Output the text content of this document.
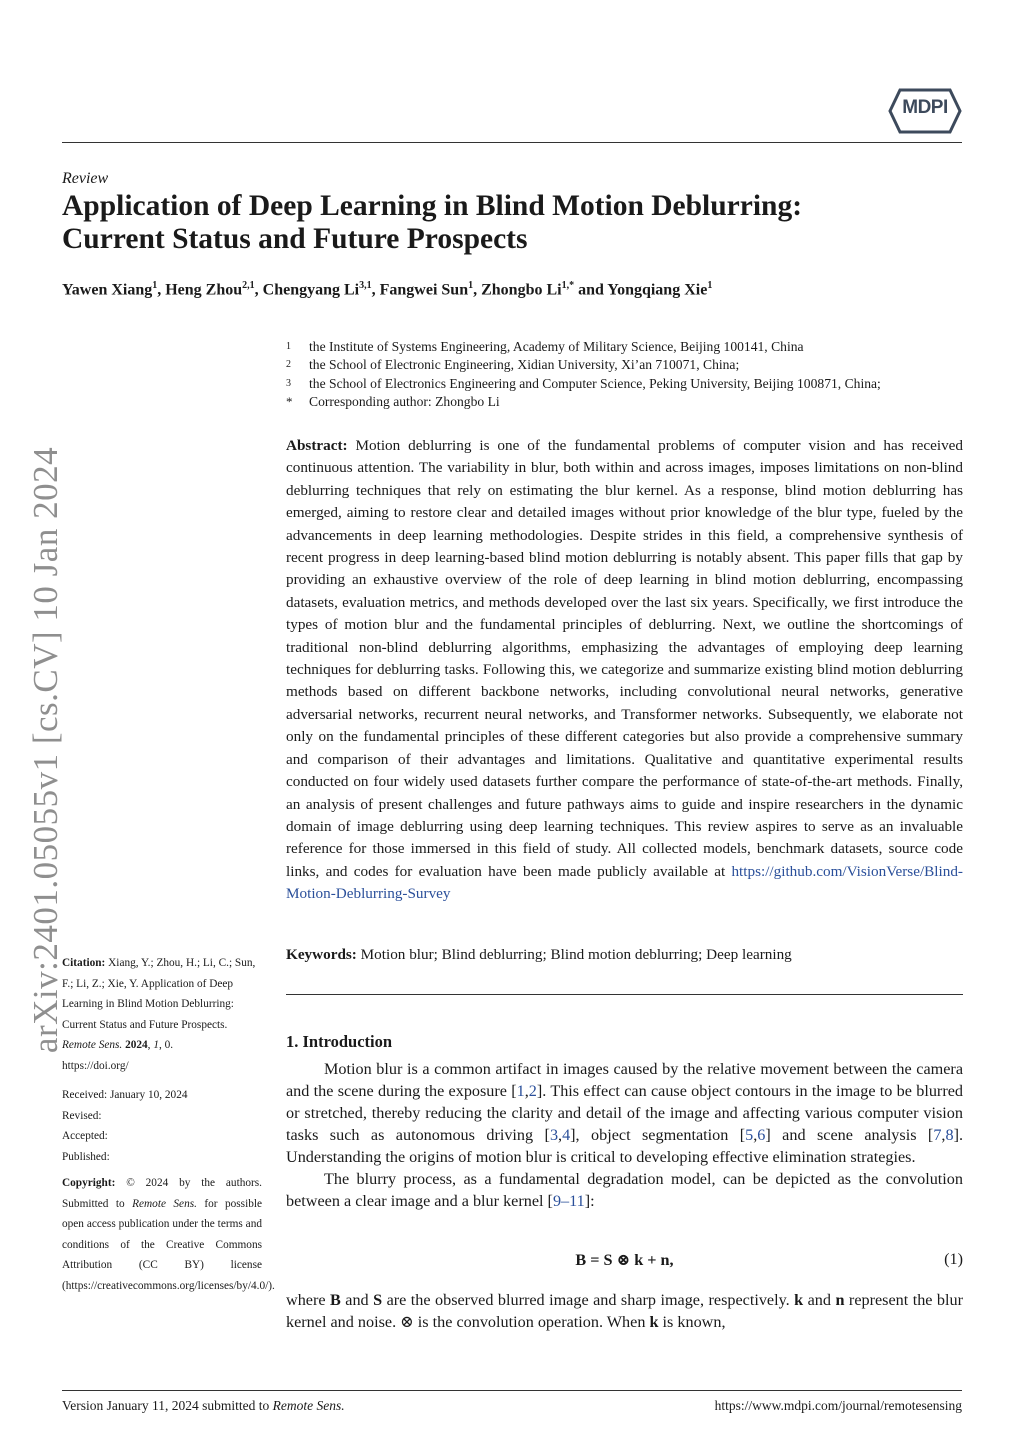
MDPI
arXiv:2401.05055v1 [cs.CV] 10 Jan 2024
Review
Application of Deep Learning in Blind Motion Deblurring:
Current Status and Future Prospects
Yawen Xiang$^1$, Heng Zhou$^{2,1}$, Chengyang Li$^{3,1}$, Fangwei Sun$^1$, Zhongbo $Li^{1,*}$ and Yongqiang Xie$^1$
1	the Institute of Systems Engineering, Academy of Military Science, Beijing 100141, China
2	the School of Electronic Engineering, Xidian University, Xi’an 710071, China;
3	the School of Electronics Engineering and Computer Science, Peking University, Beijing 100871, China;
*	Corresponding author: Zhongbo Li
Abstract: Motion deblurring is one of the fundamental problems of computer vision and has received continuous attention. The variability in blur, both within and across images, imposes limitations on non-blind deblurring techniques that rely on estimating the blur kernel. As a response, blind motion deblurring has emerged, aiming to restore clear and detailed images without prior knowledge of the blur type, fueled by the advancements in deep learning methodologies. Despite strides in this field, a comprehensive synthesis of recent progress in deep learning-based blind motion deblurring is notably absent. This paper fills that gap by providing an exhaustive overview of the role of deep learning in blind motion deblurring, encompassing datasets, evaluation metrics, and methods developed over the last six years. Specifically, we first introduce the types of motion blur and the fundamental principles of deblurring. Next, we outline the shortcomings of traditional non-blind deblurring algorithms, emphasizing the advantages of employing deep learning techniques for deblurring tasks. Following this, we categorize and summarize existing blind motion deblurring methods based on different backbone networks, including convolutional neural networks, generative adversarial networks, recurrent neural networks, and Transformer networks. Subsequently, we elaborate not only on the fundamental principles of these different categories but also provide a comprehensive summary and comparison of their advantages and limitations. Qualitative and quantitative experimental results conducted on four widely used datasets further compare the performance of state-of-the-art methods. Finally, an analysis of present challenges and future pathways aims to guide and inspire researchers in the dynamic domain of image deblurring using deep learning techniques. This review aspires to serve as an invaluable reference for those immersed in this field of study. All collected models, benchmark datasets, source code links, and codes for evaluation have been made publicly available at https://github.com/VisionVerse/Blind-Motion-Deblurring-Survey
Keywords: Motion blur; Blind deblurring; Blind motion deblurring; Deep learning
1. Introduction

Motion blur is a common artifact in images caused by the relative movement between the camera and the scene during the exposure [1,2]. This effect can cause object contours in the image to be blurred or stretched, thereby reducing the clarity and detail of the image and affecting various computer vision tasks such as autonomous driving [3,4], object segmentation [5,6] and scene analysis [7,8]. Understanding the origins of motion blur is critical to developing effective elimination strategies.

The blurry process, as a fundamental degradation model, can be depicted as the convolution between a clear image and a blur kernel [9–11]:

B = S ⊗ k + n,	(1)
where B and S are the observed blurred image and sharp image, respectively. k and n represent the blur kernel and noise. ⊗ is the convolution operation. When k is known,
Citation: Xiang, Y.; Zhou, H.; Li, C.; Sun, F.; Li, Z.; Xie, Y. Application of Deep Learning in Blind Motion Deblurring: Current Status and Future Prospects. Remote Sens. 2024, 1, 0.
https://doi.org/
Received: January 10, 2024
Revised:
Accepted:
Published:
Copyright: © 2024 by the authors. Submitted to Remote Sens. for possible open access publication under the terms and conditions of the Creative Commons Attribution (CC BY) license (https://creativecommons.org/licenses/by/4.0/).
Version January 11, 2024 submitted to Remote Sens.	https://www.mdpi.com/journal/remotesensing
